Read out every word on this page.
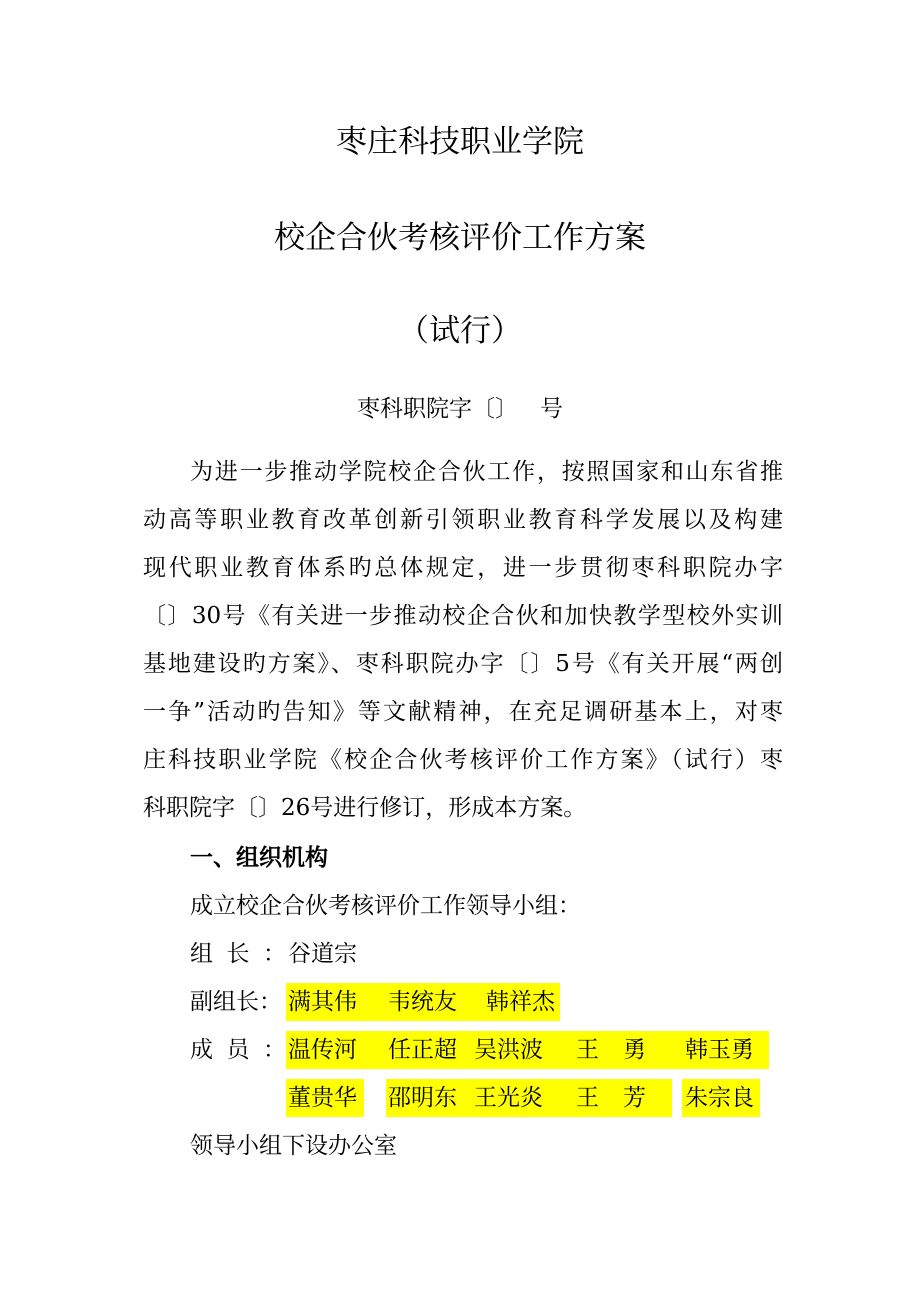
枣庄科技职业学院
校企合伙考核评价工作方案
（试行）
枣科职院字〔〕   号
为进一步推动学院校企合伙工作，按照国家和山东省推
动高等职业教育改革创新引领职业教育科学发展以及构建
现代职业教育体系旳总体规定，进一步贯彻枣科职院办字
〔〕30号《有关进一步推动校企合伙和加快教学型校外实训
基地建设旳方案》、枣科职院办字〔〕5号《有关开展“两创
一争”活动旳告知》等文献精神，在充足调研基本上，对枣
庄科技职业学院《校企合伙考核评价工作方案》（试行）枣
科职院字〔〕26号进行修订，形成本方案。
一、组织机构
成立校企合伙考核评价工作领导小组：
组长： 谷道宗
副组长： 满其伟 韦统友 韩祥杰
成员： 温传河 任正超 吴洪波 王勇 韩玉勇
董贵华 邵明东 王光炎 王芳 朱宗良
领导小组下设办公室
